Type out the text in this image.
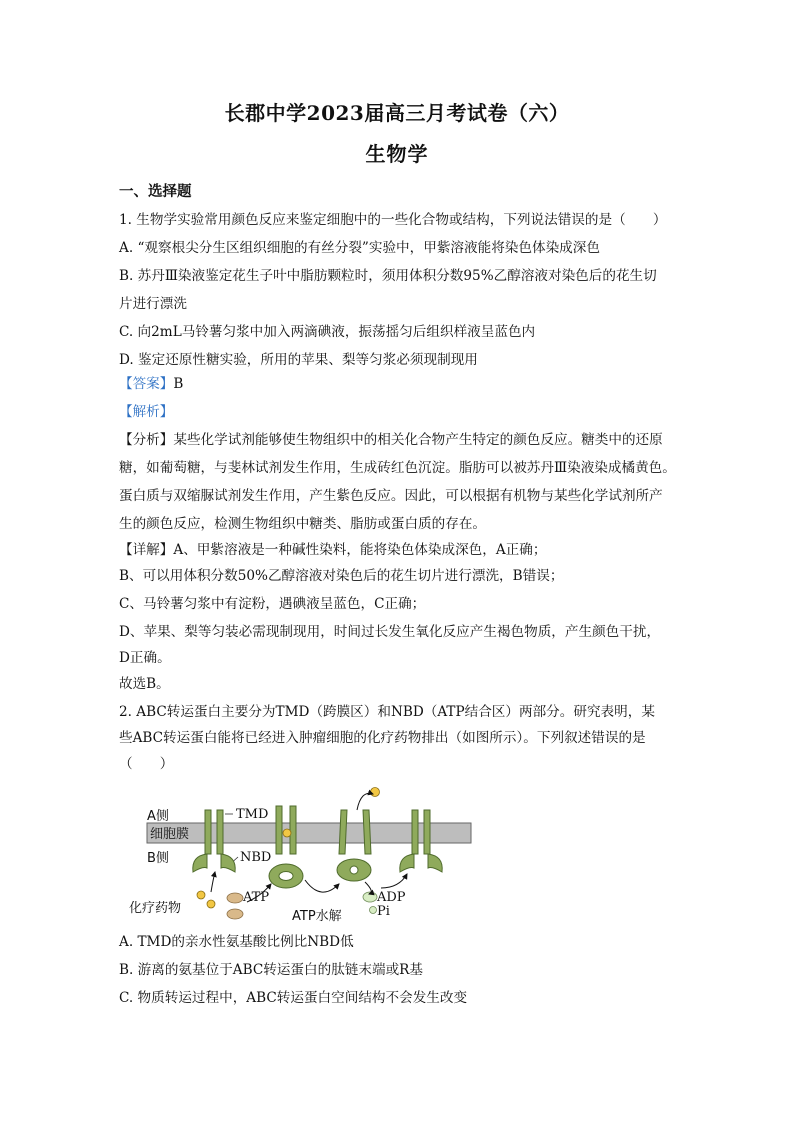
长郡中学2023届高三月考试卷（六）
生物学
一、选择题
1. 生物学实验常用颜色反应来鉴定细胞中的一些化合物或结构，下列说法错误的是（　　）
A. “观察根尖分生区组织细胞的有丝分裂”实验中，甲紫溶液能将染色体染成深色
B. 苏丹Ⅲ染液鉴定花生子叶中脂肪颗粒时，须用体积分数95%乙醇溶液对染色后的花生切
片进行漂洗
C. 向2mL马铃薯匀浆中加入两滴碘液，振荡摇匀后组织样液呈蓝色内
D. 鉴定还原性糖实验，所用的苹果、梨等匀浆必须现制现用
【答案】B
【解析】
【分析】某些化学试剂能够使生物组织中的相关化合物产生特定的颜色反应。糖类中的还原
糖，如葡萄糖，与斐林试剂发生作用，生成砖红色沉淀。脂肪可以被苏丹Ⅲ染液染成橘黄色。
蛋白质与双缩脲试剂发生作用，产生紫色反应。因此，可以根据有机物与某些化学试剂所产
生的颜色反应，检测生物组织中糖类、脂肪或蛋白质的存在。
【详解】A、甲紫溶液是一种碱性染料，能将染色体染成深色，A正确；
B、可以用体积分数50%乙醇溶液对染色后的花生切片进行漂洗，B错误；
C、马铃薯匀浆中有淀粉，遇碘液呈蓝色，C正确；
D、苹果、梨等匀装必需现制现用，时间过长发生氧化反应产生褐色物质，产生颜色干扰，
D正确。
故选B。
2. ABC转运蛋白主要分为TMD（跨膜区）和NBD（ATP结合区）两部分。研究表明，某
些ABC转运蛋白能将已经进入肿瘤细胞的化疗药物排出（如图所示）。下列叙述错误的是
（　　）
A侧
细胞膜
B侧
TMD
NBD
化疗药物
ATP
ATP水解
ADP
Pi
A. TMD的亲水性氨基酸比例比NBD低
B. 游离的氨基位于ABC转运蛋白的肽链末端或R基
C. 物质转运过程中，ABC转运蛋白空间结构不会发生改变
